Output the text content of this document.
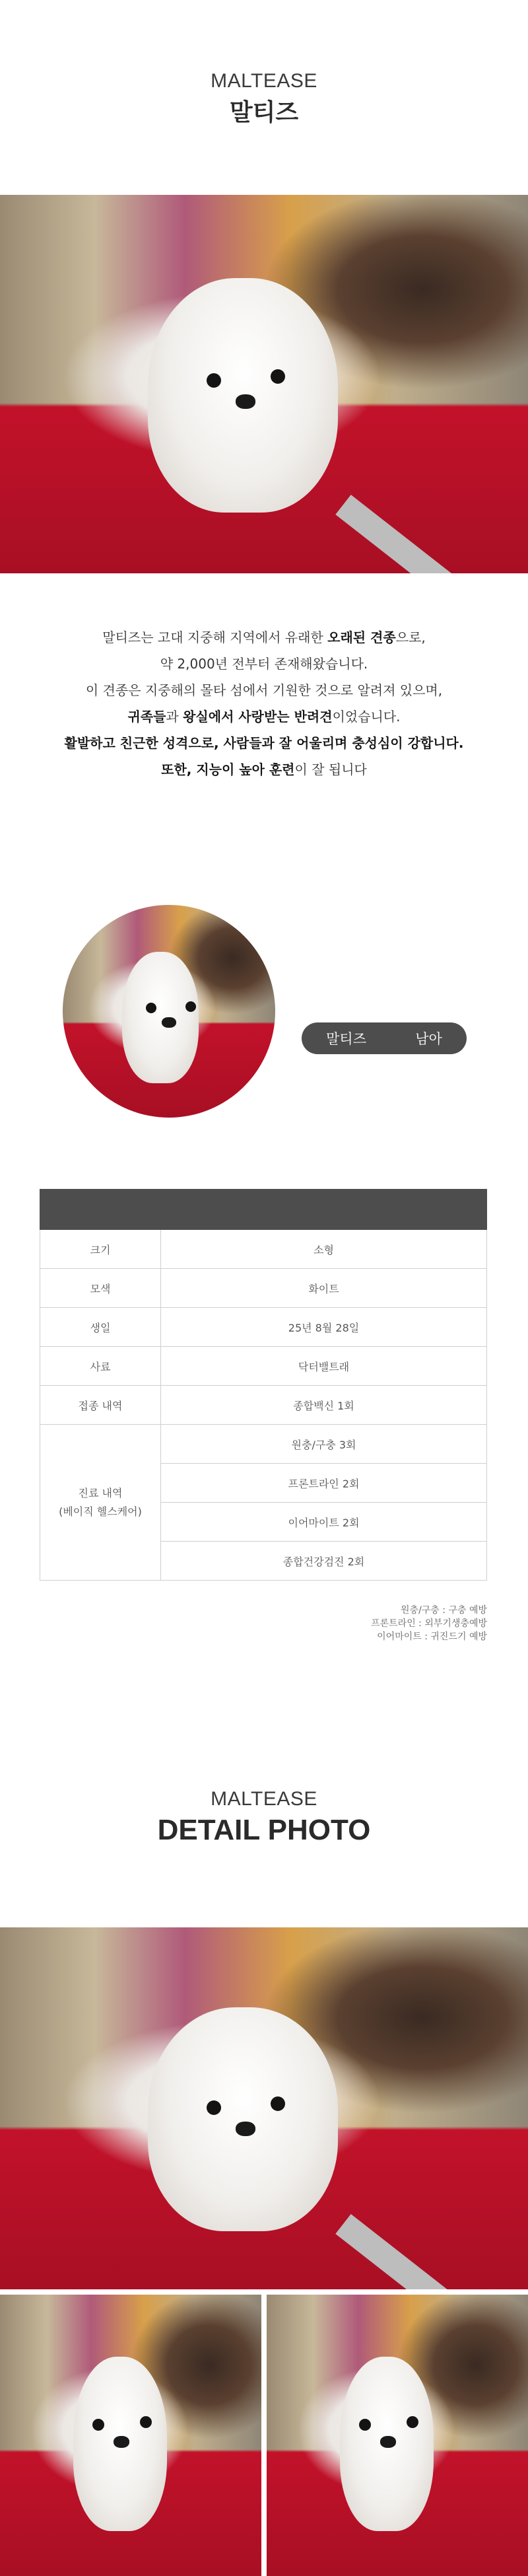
MALTEASE
말티즈

말티즈는 고대 지중해 지역에서 유래한 오래된 견종으로,

약 2,000년 전부터 존재해왔습니다.

이 견종은 지중해의 몰타 섬에서 기원한 것으로 알려져 있으며,

귀족들과 왕실에서 사랑받는 반려견이었습니다.

활발하고 친근한 성격으로, 사람들과 잘 어울리며 충성심이 강합니다.

또한, 지능이 높아 훈련이 잘 됩니다

말티즈	남아

크기	소형
모색	화이트
생일	25년 8월 28일
사료	닥터밸트래
접종 내역	종합백신 1회
진료 내역
(베이직 헬스케어)	원충/구충 3회
	프론트라인 2회
	이어마이트 2회
	종합건강검진 2회
원충/구충 : 구충 예방
프론트라인 : 외부기생충예방
이어마이트 : 귀진드기 예방
MALTEASE
DETAIL PHOTO
